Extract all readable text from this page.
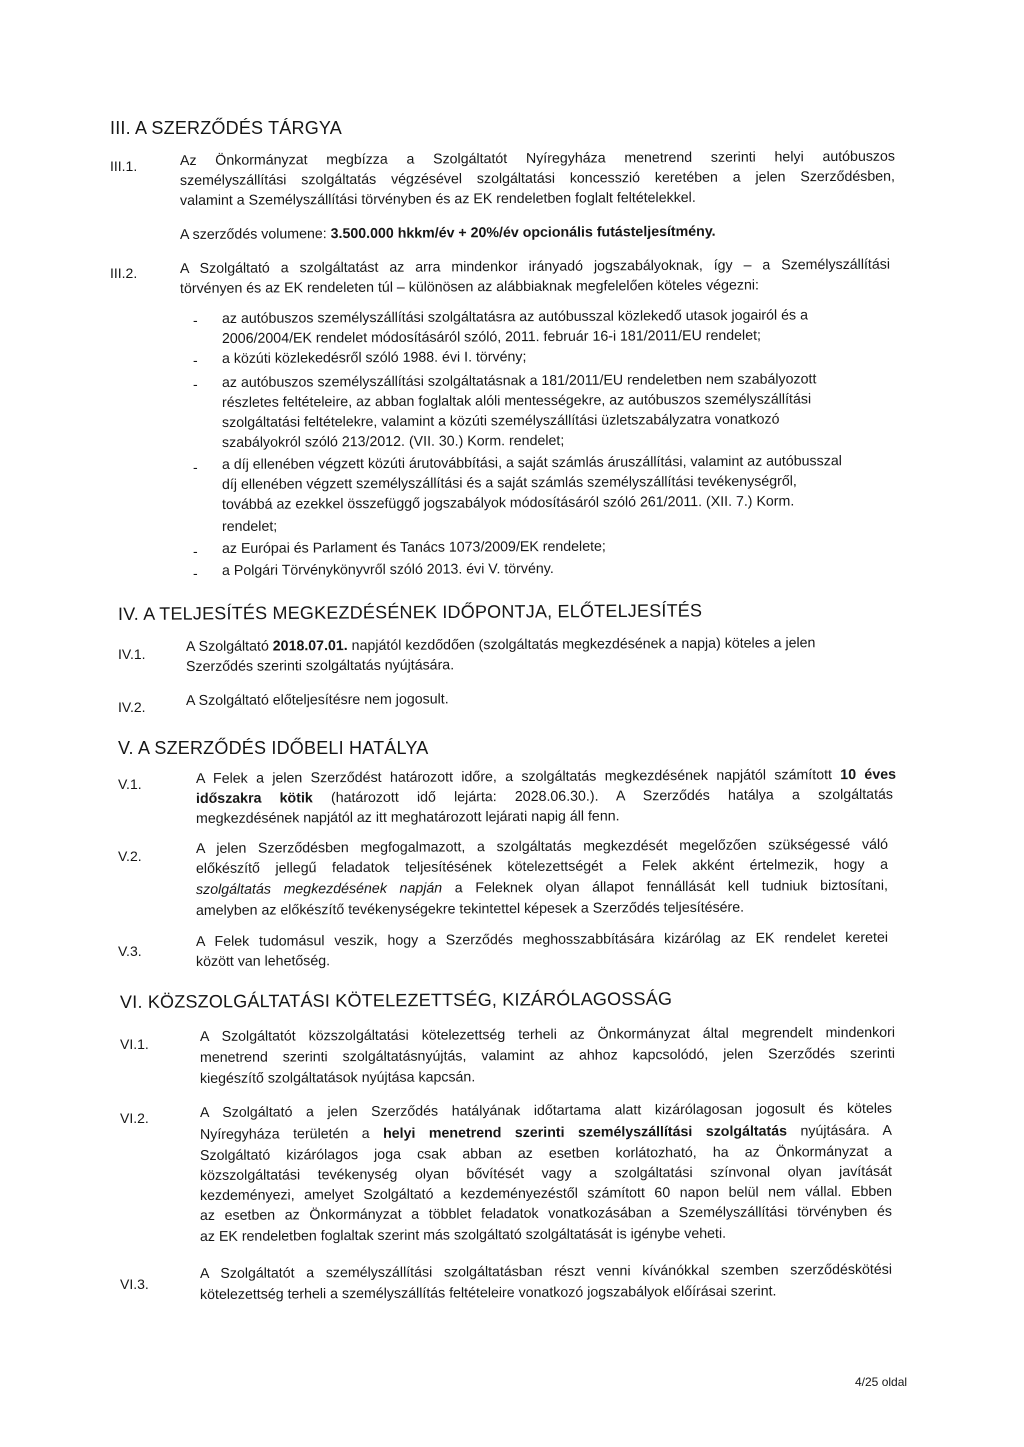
III. A SZERZŐDÉS TÁRGYA
III.1.	Az Önkormányzat megbízza a Szolgáltatót Nyíregyháza menetrend szerinti helyi autóbuszos
személyszállítási szolgáltatás végzésével szolgáltatási koncesszió keretében a jelen Szerződésben,
valamint a Személyszállítási törvényben és az EK rendeletben foglalt feltételekkel.
A szerződés volumene: 3.500.000 hkkm/év + 20%/év opcionális futásteljesítmény.
III.2.	A Szolgáltató a szolgáltatást az arra mindenkor irányadó jogszabályoknak, így – a Személyszállítási
törvényen és az EK rendeleten túl – különösen az alábbiaknak megfelelően köteles végezni:
- az autóbuszos személyszállítási szolgáltatásra az autóbusszal közlekedő utasok jogairól és a
2006/2004/EK rendelet módosításáról szóló, 2011. február 16-i 181/2011/EU rendelet;
- a közúti közlekedésről szóló 1988. évi I. törvény;
- az autóbuszos személyszállítási szolgáltatásnak a 181/2011/EU rendeletben nem szabályozott
részletes feltételeire, az abban foglaltak alóli mentességekre, az autóbuszos személyszállítási
szolgáltatási feltételekre, valamint a közúti személyszállítási üzletszabályzatra vonatkozó
szabályokról szóló 213/2012. (VII. 30.) Korm. rendelet;
- a díj ellenében végzett közúti árutovábbítási, a saját számlás áruszállítási, valamint az autóbusszal
díj ellenében végzett személyszállítási és a saját számlás személyszállítási tevékenységről,
továbbá az ezekkel összefüggő jogszabályok módosításáról szóló 261/2011. (XII. 7.) Korm.
rendelet;
- az Európai és Parlament és Tanács 1073/2009/EK rendelete;
- a Polgári Törvénykönyvről szóló 2013. évi V. törvény.
IV. A TELJESÍTÉS MEGKEZDÉSÉNEK IDŐPONTJA, ELŐTELJESÍTÉS
IV.1.	A Szolgáltató 2018.07.01. napjától kezdődően (szolgáltatás megkezdésének a napja) köteles a jelen
Szerződés szerinti szolgáltatás nyújtására.
IV.2.	A Szolgáltató előteljesítésre nem jogosult.
V. A SZERZŐDÉS IDŐBELI HATÁLYA
V.1.	A Felek a jelen Szerződést határozott időre, a szolgáltatás megkezdésének napjától számított 10 éves
időszakra kötik (határozott idő lejárta: 2028.06.30.). A Szerződés hatálya a szolgáltatás
megkezdésének napjától az itt meghatározott lejárati napig áll fenn.
V.2.	A jelen Szerződésben megfogalmazott, a szolgáltatás megkezdését megelőzően szükségessé váló
előkészítő jellegű feladatok teljesítésének kötelezettségét a Felek akként értelmezik, hogy a
szolgáltatás megkezdésének napján a Feleknek olyan állapot fennállását kell tudniuk biztosítani,
amelyben az előkészítő tevékenységekre tekintettel képesek a Szerződés teljesítésére.
V.3.
A Felek tudomásul veszik, hogy a Szerződés meghosszabbítására kizárólag az EK rendelet keretei
között van lehetőség.
VI. KÖZSZOLGÁLTATÁSI KÖTELEZETTSÉG, KIZÁRÓLAGOSSÁG
VI.1.	A Szolgáltatót közszolgáltatási kötelezettség terheli az Önkormányzat által megrendelt mindenkori
menetrend szerinti szolgáltatásnyújtás, valamint az ahhoz kapcsolódó, jelen Szerződés szerinti
kiegészítő szolgáltatások nyújtása kapcsán.
VI.2.	A Szolgáltató a jelen Szerződés hatályának időtartama alatt kizárólagosan jogosult és köteles
Nyíregyháza területén a helyi menetrend szerinti személyszállítási szolgáltatás nyújtására. A
Szolgáltató kizárólagos joga csak abban az esetben korlátozható, ha az Önkormányzat a
közszolgáltatási tevékenység olyan bővítését vagy a szolgáltatási színvonal olyan javítását
kezdeményezi, amelyet Szolgáltató a kezdeményezéstől számított 60 napon belül nem vállal. Ebben
az esetben az Önkormányzat a többlet feladatok vonatkozásában a Személyszállítási törvényben és
az EK rendeletben foglaltak szerint más szolgáltató szolgáltatását is igénybe veheti.
VI.3.
A Szolgáltatót a személyszállítási szolgáltatásban részt venni kívánókkal szemben szerződéskötési
kötelezettség terheli a személyszállítás feltételeire vonatkozó jogszabályok előírásai szerint.
4/25 oldal
